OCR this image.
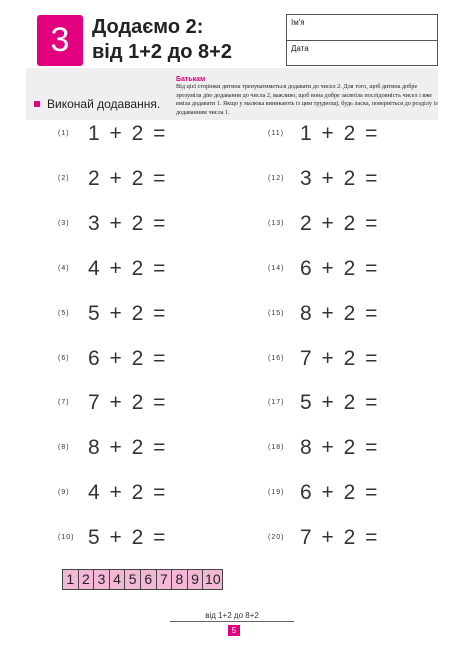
3	Додаємо 2:
від 1+2 до 8+2
Ім'я
Дата
Виконай додавання.
Батькам
Від цієї сторінки дитина тренуватиметься додавати до чисел 2. Для того, щоб дитина добре зрозуміла дію додавання до числа 2, важливо, щоб вона добре засвоїла послідовність чисел і вже вміла додавати 1. Якщо у малюка виникають із цим труднощі, будь ласка, поверніться до розділу із додаванням числа 1.
(1) 1 + 2 =
(2) 2 + 2 =
(3) 3 + 2 =
(4) 4 + 2 =
(5) 5 + 2 =
(6) 6 + 2 =
(7) 7 + 2 =
(8) 8 + 2 =
(9) 4 + 2 =
(10) 5 + 2 =
(11) 1 + 2 =
(12) 3 + 2 =
(13) 2 + 2 =
(14) 6 + 2 =
(15) 8 + 2 =
(16) 7 + 2 =
(17) 5 + 2 =
(18) 8 + 2 =
(19) 6 + 2 =
(20) 7 + 2 =
1 2 3 4 5 6 7 8 9 10
від 1+2 до 8+2
5
